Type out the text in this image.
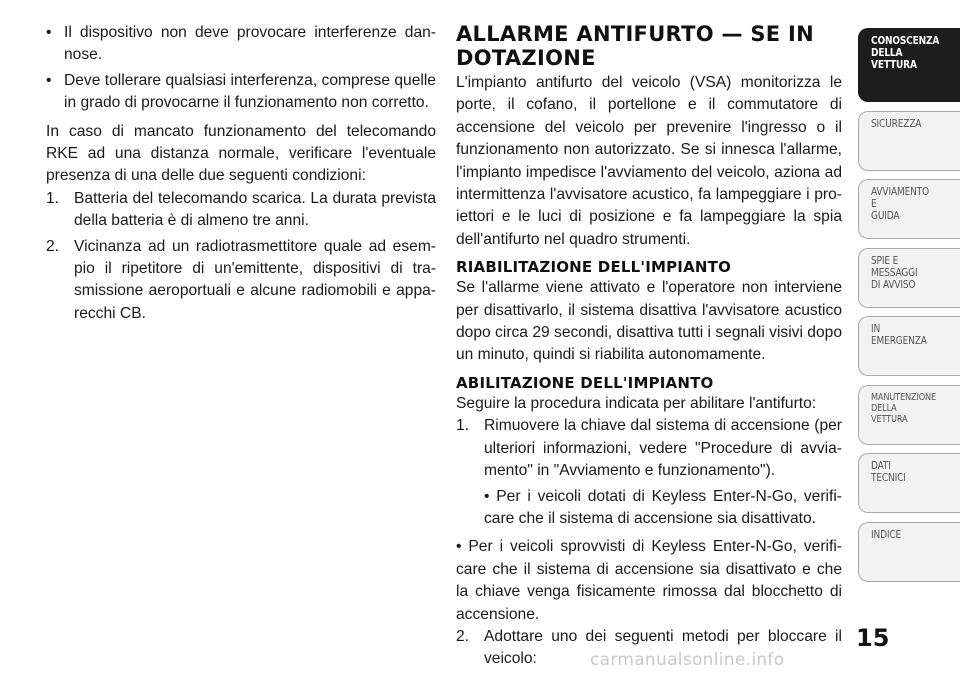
• Il dispositivo non deve provocare interferenze dan-nose.
• Deve tollerare qualsiasi interferenza, comprese quelle in grado di provocarne il funzionamento non corretto.

In caso di mancato funzionamento del telecomando RKE ad una distanza normale, verificare l'eventuale presenza di una delle due seguenti condizioni:

1. Batteria del telecomando scarica. La durata prevista della batteria è di almeno tre anni.
2. Vicinanza ad un radiotrasmettitore quale ad esem-pio il ripetitore di un'emittente, dispositivi di tra-smissione aeroportuali e alcune radiomobili e appa-recchi CB.
ALLARME ANTIFURTO — SE IN DOTAZIONE

L'impianto antifurto del veicolo (VSA) monitorizza le porte, il cofano, il portellone e il commutatore di accensione del veicolo per prevenire l'ingresso o il funzionamento non autorizzato. Se si innesca l'allarme, l'impianto impedisce l'avviamento del veicolo, aziona ad intermittenza l'avvisatore acustico, fa lampeggiare i pro-iettori e le luci di posizione e fa lampeggiare la spia dell'antifurto nel quadro strumenti.

RIABILITAZIONE DELL'IMPIANTO

Se l'allarme viene attivato e l'operatore non interviene per disattivarlo, il sistema disattiva l'avvisatore acustico dopo circa 29 secondi, disattiva tutti i segnali visivi dopo un minuto, quindi si riabilita autonomamente.

ABILITAZIONE DELL'IMPIANTO

Seguire la procedura indicata per abilitare l'antifurto:

1. Rimuovere la chiave dal sistema di accensione (per ulteriori informazioni, vedere "Procedure di avvia-mento" in "Avviamento e funzionamento").
• Per i veicoli dotati di Keyless Enter-N-Go, verifi-care che il sistema di accensione sia disattivato.

• Per i veicoli sprovvisti di Keyless Enter-N-Go, verifi-care che il sistema di accensione sia disattivato e che la chiave venga fisicamente rimossa dal blocchetto di accensione.

2. Adottare uno dei seguenti metodi per bloccare il veicolo:
CONOSCENZA
DELLA
VETTURA
SICUREZZA
AVVIAMENTO
E
GUIDA
SPIE E
MESSAGGI
DI AVVISO
IN
EMERGENZA
MANUTENZIONE
DELLA
VETTURA
DATI
TECNICI
INDICE
15
carmanualsonline.info
